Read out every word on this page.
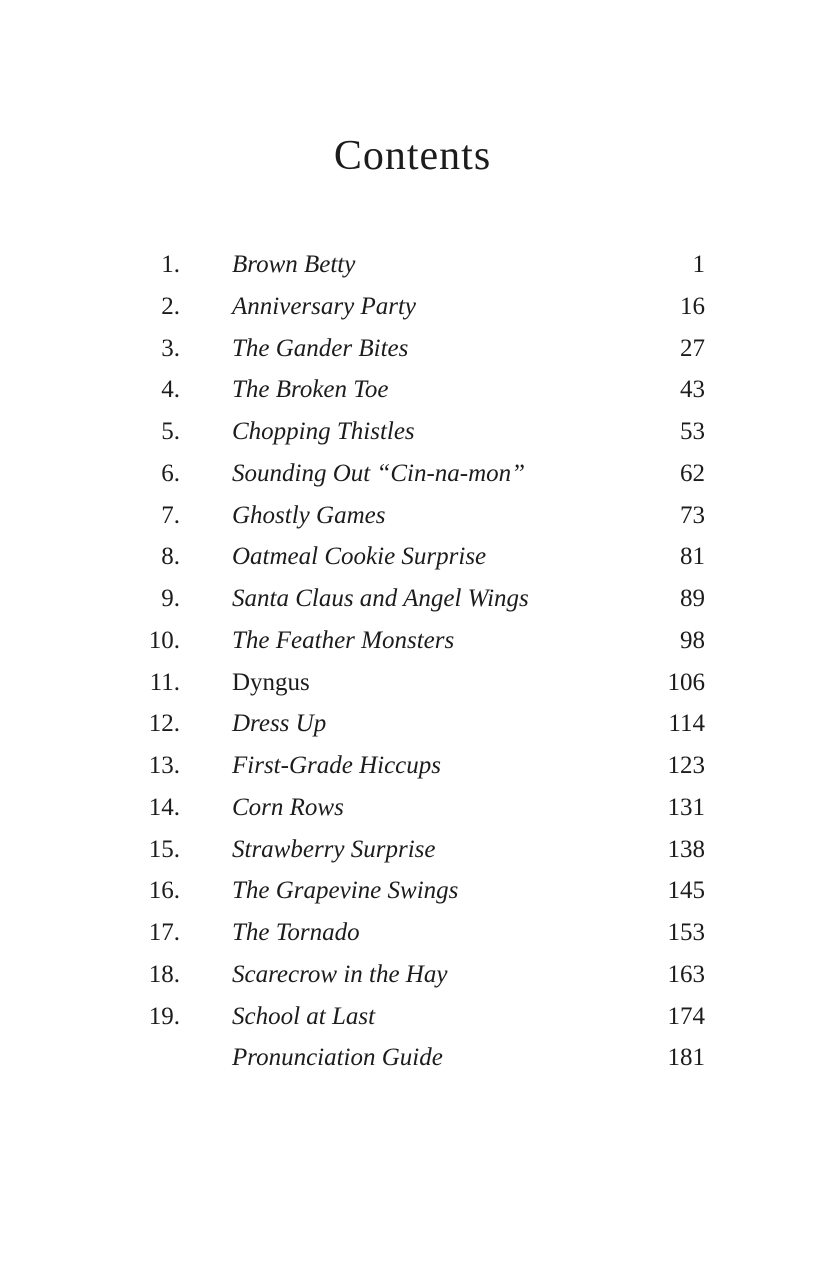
Contents
1.	Brown Betty	1
2.	Anniversary Party	16
3.	The Gander Bites	27
4.	The Broken Toe	43
5.	Chopping Thistles	53
6.	Sounding Out “Cin-na-mon”	62
7.	Ghostly Games	73
8.	Oatmeal Cookie Surprise	81
9.	Santa Claus and Angel Wings	89
10.	The Feather Monsters	98
11.	Dyngus	106
12.	Dress Up	114
13.	First-Grade Hiccups	123
14.	Corn Rows	131
15.	Strawberry Surprise	138
16.	The Grapevine Swings	145
17.	The Tornado	153
18.	Scarecrow in the Hay	163
19.	School at Last	174
Pronunciation Guide	181
